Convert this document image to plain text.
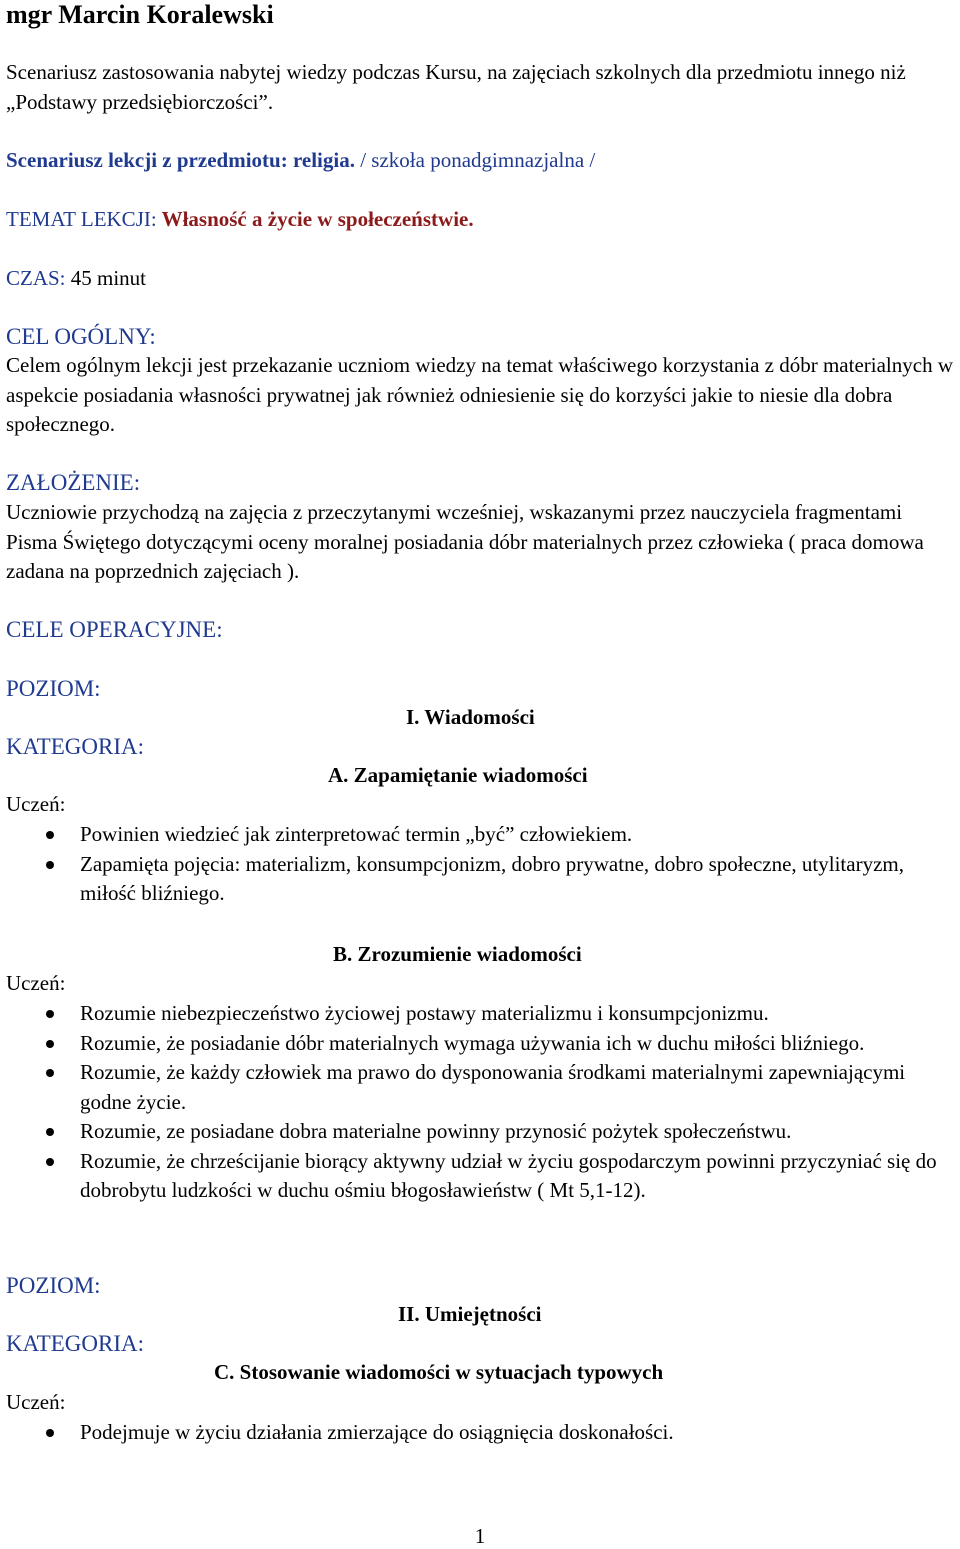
mgr Marcin Koralewski
Scenariusz zastosowania nabytej wiedzy podczas Kursu, na zajęciach szkolnych dla przedmiotu innego niż „Podstawy przedsiębiorczości”.
Scenariusz lekcji z przedmiotu: religia. / szkoła ponadgimnazjalna /
TEMAT LEKCJI: Własność a życie w społeczeństwie.
CZAS: 45 minut
CEL OGÓLNY:
Celem ogólnym lekcji jest przekazanie uczniom wiedzy na temat właściwego korzystania z dóbr materialnych w aspekcie posiadania własności prywatnej jak również odniesienie się do korzyści jakie to niesie dla dobra społecznego.
ZAŁOŻENIE:
Uczniowie przychodzą na zajęcia z przeczytanymi wcześniej, wskazanymi przez nauczyciela fragmentami Pisma Świętego dotyczącymi oceny moralnej posiadania dóbr materialnych przez człowieka ( praca domowa zadana na poprzednich zajęciach ).
CELE OPERACYJNE:
POZIOM:
I. Wiadomości
KATEGORIA:
A. Zapamiętanie wiadomości
Uczeń:
Powinien wiedzieć jak zinterpretować termin „być” człowiekiem.
Zapamięta pojęcia: materializm, konsumpcjonizm, dobro prywatne, dobro społeczne, utylitaryzm, miłość bliźniego.
B. Zrozumienie wiadomości
Uczeń:
Rozumie niebezpieczeństwo życiowej postawy materializmu i konsumpcjonizmu.
Rozumie, że posiadanie dóbr materialnych wymaga używania ich w duchu miłości bliźniego.
Rozumie, że każdy człowiek ma prawo do dysponowania środkami materialnymi zapewniającymi godne życie.
Rozumie, ze posiadane dobra materialne powinny przynosić pożytek społeczeństwu.
Rozumie, że chrześcijanie biorący aktywny udział w życiu gospodarczym powinni przyczyniać się do dobrobytu ludzkości w duchu ośmiu błogosławieństw ( Mt 5,1-12).
POZIOM:
II. Umiejętności
KATEGORIA:
C. Stosowanie wiadomości w sytuacjach typowych
Uczeń:
Podejmuje w życiu działania zmierzające do osiągnięcia doskonałości.
1
